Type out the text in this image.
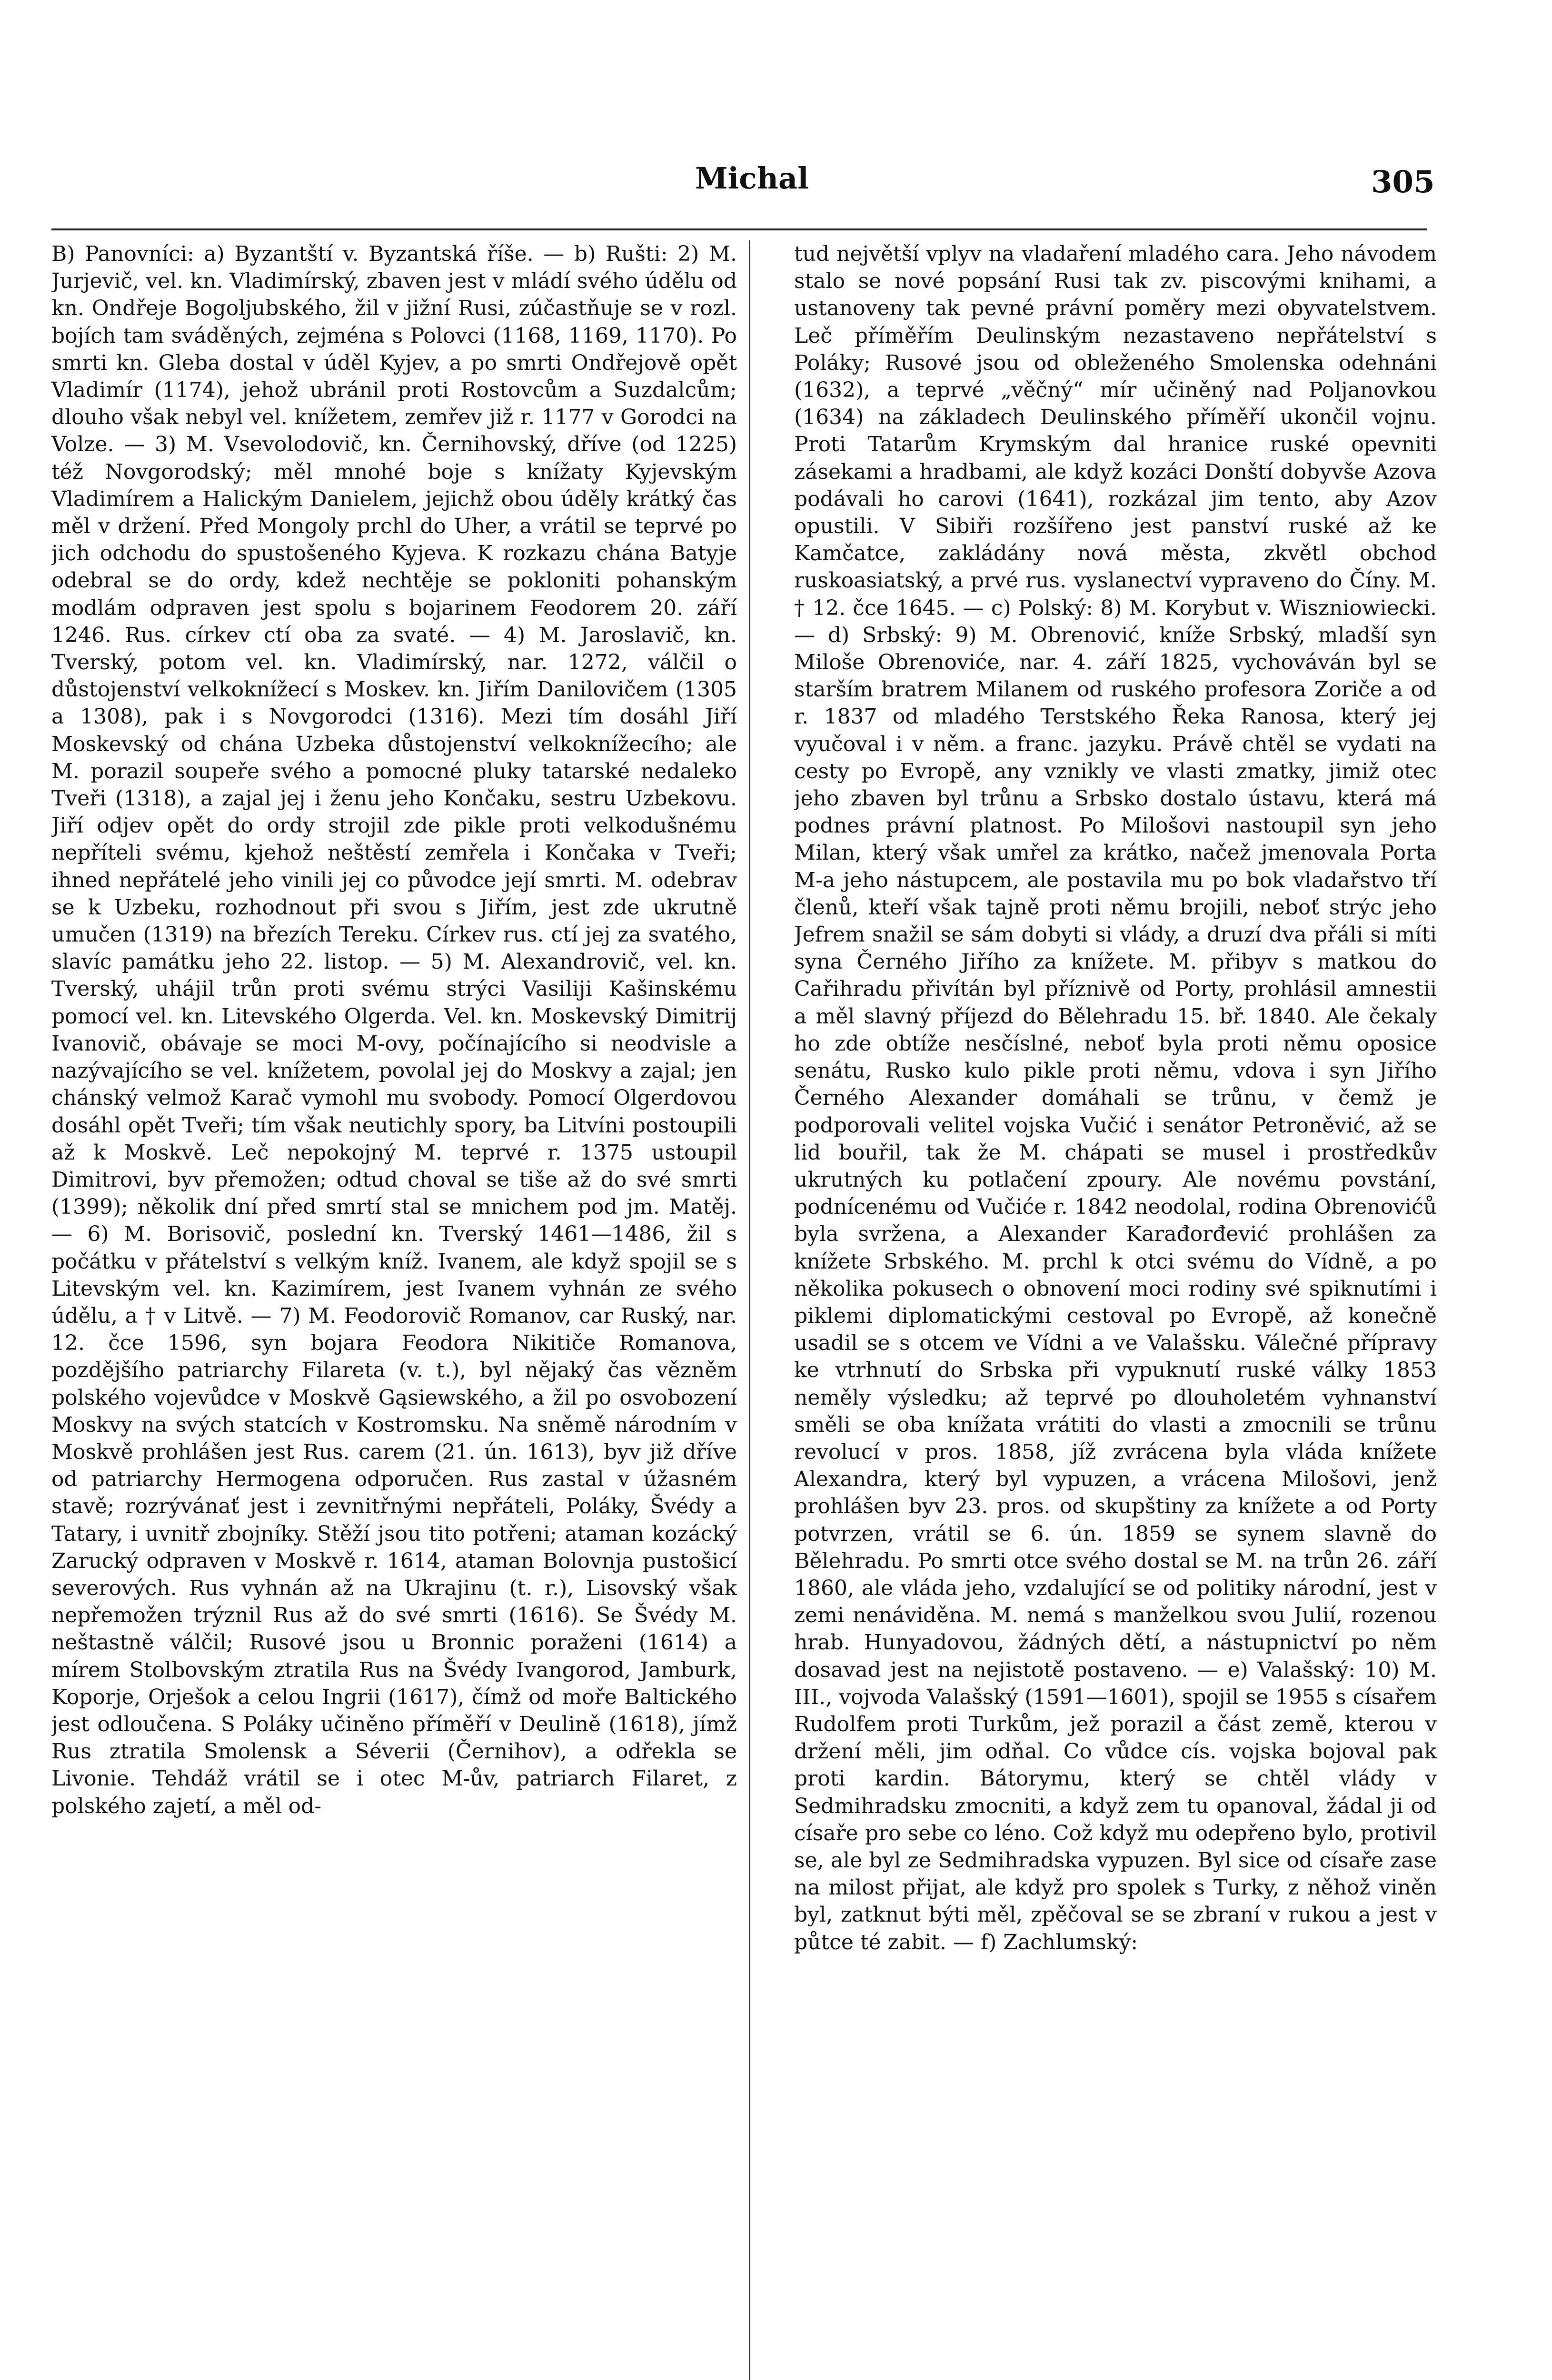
Michal	305

B) Panovníci: a) Byzantští v. Byzantská říše. — b) Rušti: 2) M. Jurjevič, vel. kn. Vladimírský, zbaven jest v mládí svého údělu od kn. Ondřeje Bogoljubského, žil v jižní Rusi, zúčastňuje se v rozl. bojích tam sváděných, zejména s Polovci (1168, 1169, 1170). Po smrti kn. Gleba dostal v úděl Kyjev, a po smrti Ondřejově opět Vladimír (1174), jehož ubránil proti Rostovcům a Suzdalcům; dlouho však nebyl vel. knížetem, zemřev již r. 1177 v Gorodci na Volze. — 3) M. Vsevolodovič, kn. Černihovský, dříve (od 1225) též Novgorodský; měl mnohé boje s knížaty Kyjevským Vladimírem a Halickým Danielem, jejichž obou úděly krátký čas měl v držení. Před Mongoly prchl do Uher, a vrátil se teprvé po jich odchodu do spustošeného Kyjeva. K rozkazu chána Batyje odebral se do ordy, kdež nechtěje se pokloniti pohanským modlám odpraven jest spolu s bojarinem Feodorem 20. září 1246. Rus. církev ctí oba za svaté. — 4) M. Jaroslavič, kn. Tverský, potom vel. kn. Vladimírský, nar. 1272, válčil o důstojenství velkoknížecí s Moskev. kn. Jiřím Danilovičem (1305 a 1308), pak i s Novgorodci (1316). Mezi tím dosáhl Jiří Moskevský od chána Uzbeka důstojenství velkoknížecího; ale M. porazil soupeře svého a pomocné pluky tatarské nedaleko Tveři (1318), a zajal jej i ženu jeho Končaku, sestru Uzbekovu. Jiří odjev opět do ordy strojil zde pikle proti velkodušnému nepříteli svému, kjehož neštěstí zemřela i Končaka v Tveři; ihned nepřátelé jeho vinili jej co původce její smrti. M. odebrav se k Uzbeku, rozhodnout při svou s Jiřím, jest zde ukrutně umučen (1319) na březích Tereku. Církev rus. ctí jej za svatého, slavíc památku jeho 22. listop. — 5) M. Alexandrovič, vel. kn. Tverský, uhájil trůn proti svému strýci Vasiliji Kašinskému pomocí vel. kn. Litevského Olgerda. Vel. kn. Moskevský Dimitrij Ivanovič, obávaje se moci M-ovy, počínajícího si neodvisle a nazývajícího se vel. knížetem, povolal jej do Moskvy a zajal; jen chánský velmož Karač vymohl mu svobody. Pomocí Olgerdovou dosáhl opět Tveři; tím však neutichly spory, ba Litvíni postoupili až k Moskvě. Leč nepokojný M. teprvé r. 1375 ustoupil Dimitrovi, byv přemožen; odtud choval se tiše až do své smrti (1399); několik dní před smrtí stal se mnichem pod jm. Matěj. — 6) M. Borisovič, poslední kn. Tverský 1461—1486, žil s počátku v přátelství s velkým kníž. Ivanem, ale když spojil se s Litevským vel. kn. Kazimírem, jest Ivanem vyhnán ze svého údělu, a † v Litvě. — 7) M. Feodorovič Romanov, car Ruský, nar. 12. čce 1596, syn bojara Feodora Nikitiče Romanova, pozdějšího patriarchy Filareta (v. t.), byl nějaký čas vězněm polského vojevůdce v Moskvě Gąsiewského, a žil po osvobození Moskvy na svých statcích v Kostromsku. Na sněmě národním v Moskvě prohlášen jest Rus. carem (21. ún. 1613), byv již dříve od patriarchy Hermogena odporučen. Rus zastal v úžasném stavě; rozrývánať jest i zevnitřnými nepřáteli, Poláky, Švédy a Tatary, i uvnitř zbojníky. Stěží jsou tito potřeni; ataman kozácký Zarucký odpraven v Moskvě r. 1614, ataman Bolovnja pustošicí severových. Rus vyhnán až na Ukrajinu (t. r.), Lisovský však nepřemožen trýznil Rus až do své smrti (1616). Se Švédy M. neštastně válčil; Rusové jsou u Bronnic poraženi (1614) a mírem Stolbovským ztratila Rus na Švédy Ivangorod, Jamburk, Koporje, Orješok a celou Ingrii (1617), čímž od moře Baltického jest odloučena. S Poláky učiněno příměří v Deulině (1618), jímž Rus ztratila Smolensk a Séverii (Černihov), a odřekla se Livonie. Tehdáž vrátil se i otec M-ův, patriarch Filaret, z polského zajetí, a měl od-

tud největší vplyv na vladaření mladého cara. Jeho návodem stalo se nové popsání Rusi tak zv. piscovými knihami, a ustanoveny tak pevné právní poměry mezi obyvatelstvem. Leč příměřím Deulinským nezastaveno nepřátelství s Poláky; Rusové jsou od obleženého Smolenska odehnáni (1632), a teprvé „věčný“ mír učiněný nad Poljanovkou (1634) na základech Deulinského příměří ukončil vojnu. Proti Tatarům Krymským dal hranice ruské opevniti zásekami a hradbami, ale když kozáci Donští dobyvše Azova podávali ho carovi (1641), rozkázal jim tento, aby Azov opustili. V Sibiři rozšířeno jest panství ruské až ke Kamčatce, zakládány nová města, zkvětl obchod ruskoasiatský, a prvé rus. vyslanectví vypraveno do Číny. M. † 12. čce 1645. — c) Polský: 8) M. Korybut v. Wiszniowiecki. — d) Srbský: 9) M. Obrenović, kníže Srbský, mladší syn Miloše Obrenoviće, nar. 4. září 1825, vychováván byl se starším bratrem Milanem od ruského profesora Zoriče a od r. 1837 od mladého Terstského Řeka Ranosa, který jej vyučoval i v něm. a franc. jazyku. Právě chtěl se vydati na cesty po Evropě, any vznikly ve vlasti zmatky, jimiž otec jeho zbaven byl trůnu a Srbsko dostalo ústavu, která má podnes právní platnost. Po Milošovi nastoupil syn jeho Milan, který však umřel za krátko, načež jmenovala Porta M-a jeho nástupcem, ale postavila mu po bok vladařstvo tří členů, kteří však tajně proti němu brojili, neboť strýc jeho Jefrem snažil se sám dobyti si vlády, a druzí dva přáli si míti syna Černého Jiřího za knížete. M. přibyv s matkou do Cařihradu přivítán byl příznivě od Porty, prohlásil amnestii a měl slavný příjezd do Bělehradu 15. bř. 1840. Ale čekaly ho zde obtíže nesčíslné, neboť byla proti němu oposice senátu, Rusko kulo pikle proti němu, vdova i syn Jiřího Černého Alexander domáhali se trůnu, v čemž je podporovali velitel vojska Vučić i senátor Petroněvić, až se lid bouřil, tak že M. chápati se musel i prostředkův ukrutných ku potlačení zpoury. Ale novému povstání, podnícenému od Vučiće r. 1842 neodolal, rodina Obrenovićů byla svržena, a Alexander Karađorđević prohlášen za knížete Srbského. M. prchl k otci svému do Vídně, a po několika pokusech o obnovení moci rodiny své spiknutími i piklemi diplomatickými cestoval po Evropě, až konečně usadil se s otcem ve Vídni a ve Valašsku. Válečné přípravy ke vtrhnutí do Srbska při vypuknutí ruské války 1853 neměly výsledku; až teprvé po dlouholetém vyhnanství směli se oba knížata vrátiti do vlasti a zmocnili se trůnu revolucí v pros. 1858, jíž zvrácena byla vláda knížete Alexandra, který byl vypuzen, a vrácena Milošovi, jenž prohlášen byv 23. pros. od skupštiny za knížete a od Porty potvrzen, vrátil se 6. ún. 1859 se synem slavně do Bělehradu. Po smrti otce svého dostal se M. na trůn 26. září 1860, ale vláda jeho, vzdalující se od politiky národní, jest v zemi nenáviděna. M. nemá s manželkou svou Julií, rozenou hrab. Hunyadovou, žádných dětí, a nástupnictví po něm dosavad jest na nejistotě postaveno. — e) Valašský: 10) M. III., vojvoda Valašský (1591—1601), spojil se 1955 s císařem Rudolfem proti Turkům, jež porazil a část země, kterou v držení měli, jim odňal. Co vůdce cís. vojska bojoval pak proti kardin. Bátorymu, který se chtěl vlády v Sedmihradsku zmocniti, a když zem tu opanoval, žádal ji od císaře pro sebe co léno. Což když mu odepřeno bylo, protivil se, ale byl ze Sedmihradska vypuzen. Byl sice od císaře zase na milost přijat, ale když pro spolek s Turky, z něhož viněn byl, zatknut býti měl, zpěčoval se se zbraní v rukou a jest v půtce té zabit. — f) Zachlumský:
